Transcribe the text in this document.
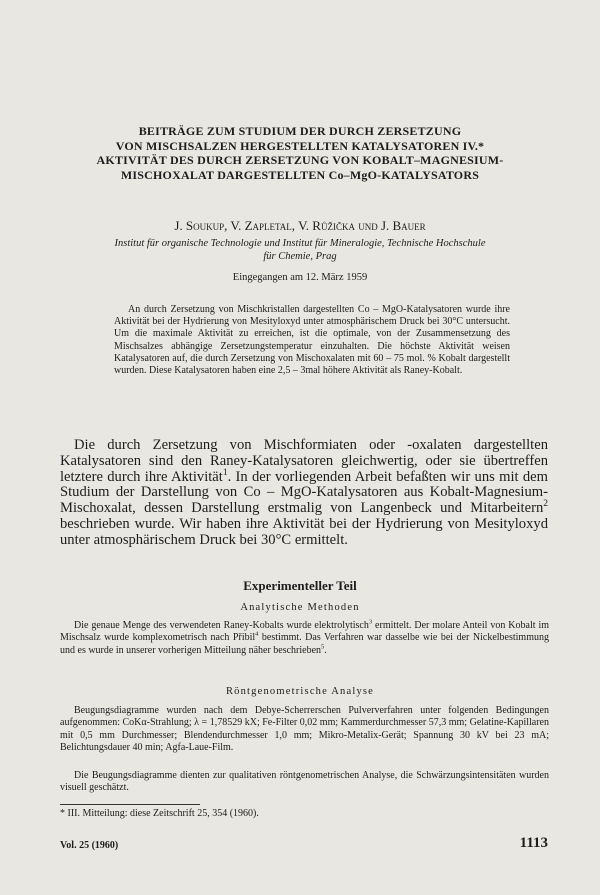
BEITRÄGE ZUM STUDIUM DER DURCH ZERSETZUNG
VON MISCHSALZEN HERGESTELLTEN KATALYSATOREN IV.*
AKTIVITÄT DES DURCH ZERSETZUNG VON KOBALT–MAGNESIUM-
MISCHOXALAT DARGESTELLTEN Co–MgO-KATALYSATORS
J. Soukup, V. Zapletal, V. Růžička und J. Bauer
Institut für organische Technologie und Institut für Mineralogie, Technische Hochschule
für Chemie, Prag
Eingegangen am 12. März 1959

An durch Zersetzung von Mischkristallen dargestellten Co – MgO-Katalysatoren wurde ihre Aktivität bei der Hydrierung von Mesityloxyd unter atmosphärischem Druck bei 30°C untersucht. Um die maximale Aktivität zu erreichen, ist die optimale, von der Zusammensetzung des Mischsalzes abhängige Zersetzungstemperatur einzuhalten. Die höchste Aktivität weisen Katalysatoren auf, die durch Zersetzung von Mischoxalaten mit 60 – 75 mol. % Kobalt dargestellt wurden. Diese Katalysatoren haben eine 2,5 – 3mal höhere Aktivität als Raney-Kobalt.

Die durch Zersetzung von Mischformiaten oder -oxalaten dargestellten Katalysatoren sind den Raney-Katalysatoren gleichwertig, oder sie übertreffen letztere durch ihre Aktivität$^1$. In der vorliegenden Arbeit befaßten wir uns mit dem Studium der Darstellung von Co – MgO-Katalysatoren aus Kobalt-Magnesium-Mischoxalat, dessen Darstellung erstmalig von Langenbeck und Mitarbeitern$^2$ beschrieben wurde. Wir haben ihre Aktivität bei der Hydrierung von Mesityloxyd unter atmosphärischem Druck bei 30°C ermittelt.

Experimenteller Teil
Analytische Methoden

Die genaue Menge des verwendeten Raney-Kobalts wurde elektrolytisch$^3$ ermittelt. Der molare Anteil von Kobalt im Mischsalz wurde komplexometrisch nach Přibil$^4$ bestimmt. Das Verfahren war dasselbe wie bei der Nickelbestimmung und es wurde in unserer vorherigen Mitteilung näher beschrieben$^5$.

Röntgenometrische Analyse

Beugungsdiagramme wurden nach dem Debye-Scherrerschen Pulververfahren unter folgenden Bedingungen aufgenommen: CoKα-Strahlung; λ = 1,78529 kX; Fe-Filter 0,02 mm; Kammerdurchmesser 57,3 mm; Gelatine-Kapillaren mit 0,5 mm Durchmesser; Blendendurchmesser 1,0 mm; Mikro-Metalix-Gerät; Spannung 30 kV bei 23 mA; Belichtungsdauer 40 min; Agfa-Laue-Film.

Die Beugungsdiagramme dienten zur qualitativen röntgenometrischen Analyse, die Schwärzungsintensitäten wurden visuell geschätzt.

* III. Mitteilung: diese Zeitschrift 25, 354 (1960).
Vol. 25 (1960)	1113
